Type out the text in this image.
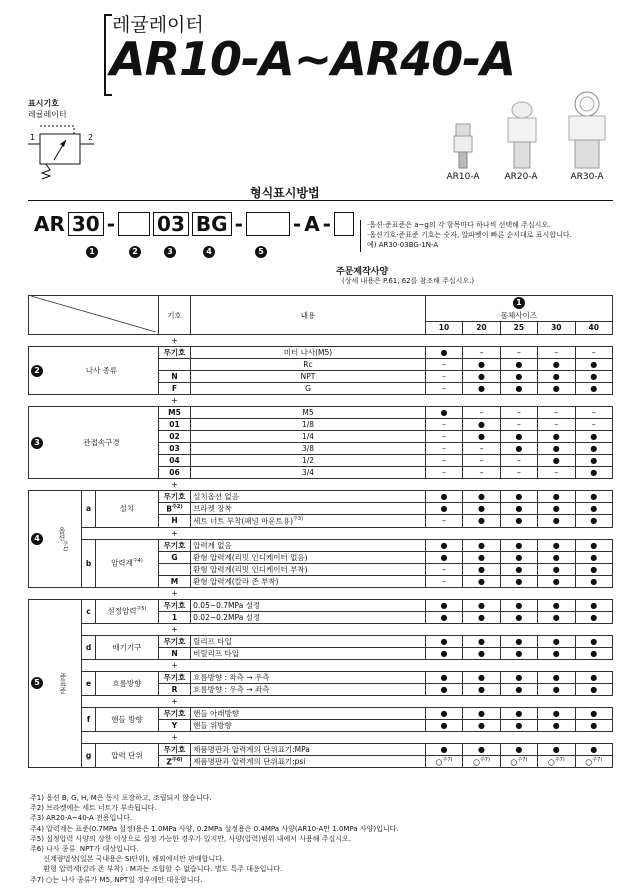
레귤레이터
AR10-A~AR40-A
표시기호
레귤레이터
1	2
AR10-A	AR20-A	AR30-A
형식표시방법
AR 30 - 03 BG -	- A -
1	2	3	4	5
·옵션·준표준은 a~g의 각 항목마다 하나씩 선택해 주십시오.
·옵션기호·준표준 기호는 숫자, 알파벳이 빠른 순서대로 표시합니다.
예) AR30-03BG-1N-A
주문제작사양
(상세 내용은 P.61, 62를 참조해 주십시오.)
	기호	내용	1				
						몸체사이즈				
						10	20	25	30	40
				+						
2	나사 종류			무기호	미터 나사(M5)	●	–	–	–	–
					Rc	–	●	●	●	●
				N	NPT	–	●	●	●	●
				F	G	–	●	●	●	●
				+						
3	관접속구경			M5	M5	●	–	–	–	–
				01	1/8	–	●	–	–	–
				02	1/4	–	●	●	●	●
				03	3/8	–	–	●	●	●
				04	1/2	–	–	–	●	●
				06	3/4	–	–	–	–	●
				+						
4	옵션$^{주1)}$	a	설치	무기호	설치옵션 없음	●	●	●	●	●
				$B^{주2)}$	브라켓 장착	●	●	●	●	●
				H	세트 너트 부착(패널 마운트용)$^{주3)}$	–	●	●	●	●
				+						
		b	압력계$^{주4)}$	무기호	압력계 없음	●	●	●	●	●
				G	환형 압력계(리밋 인디케이터 없음)	●	●	●	●	●
					환형 압력계(리밋 인디케이터 부착)	–	●	●	●	●
				M	환형 압력계(칼라 존 부착)	–	●	●	●	●
				+						
5	준표준	c	설정압력$^{주5)}$	무기호	0.05~0.7MPa 설정	●	●	●	●	●
				1	0.02~0.2MPa 설정	●	●	●	●	●
				+						
		d	배기기구	무기호	릴리프 타입	●	●	●	●	●
				N	비릴리프 타입	●	●	●	●	●
				+						
		e	흐름방향	무기호	흐름방향 : 좌측 → 우측	●	●	●	●	●
				R	흐름방향 : 우측 → 좌측	●	●	●	●	●
				+						
		f	핸들 방향	무기호	핸들 아래방향	●	●	●	●	●
				Y	핸들 위방향	●	●	●	●	●
				+						
		g	압력 단위	무기호	제품명판과 압력계의 단위표기:MPa	●	●	●	●	●
				$Z^{주6)}$	제품명판과 압력계의 단위표기:psi	○$^{주7)}$	○$^{주7)}$	○$^{주7)}$	○$^{주7)}$	○$^{주7)}$
주1) 옵션 B, G, H, M은 동시 포장하고, 조립되지 않습니다.
주2) 브라켓에는 세트 너트가 부속됩니다.
주3) AR20-A~40-A 전용입니다.
주4) 압력계는 표준(0.7MPa 설정)용은 1.0MPa 사양, 0.2MPa 설정용은 0.4MPa 사양(AR10-A만 1.0MPa 사양)입니다.
주5) 설정압력 사양의 상한 이상으로 설정 가능한 경우가 있지만, 사양(압력)범위 내에서 사용해 주십시오.
주6) 나사 종류  NPT가 대상입니다.
신계량법상(일본 국내용은 SI단위), 해외에서만 판매합니다.
환형 압력계(칼라 존 부착) : M과는 조합할 수 없습니다. 별도 특주 대응입니다.
주7) ○는 나사 종류가 M5, NPT일 경우에만 대응합니다.
